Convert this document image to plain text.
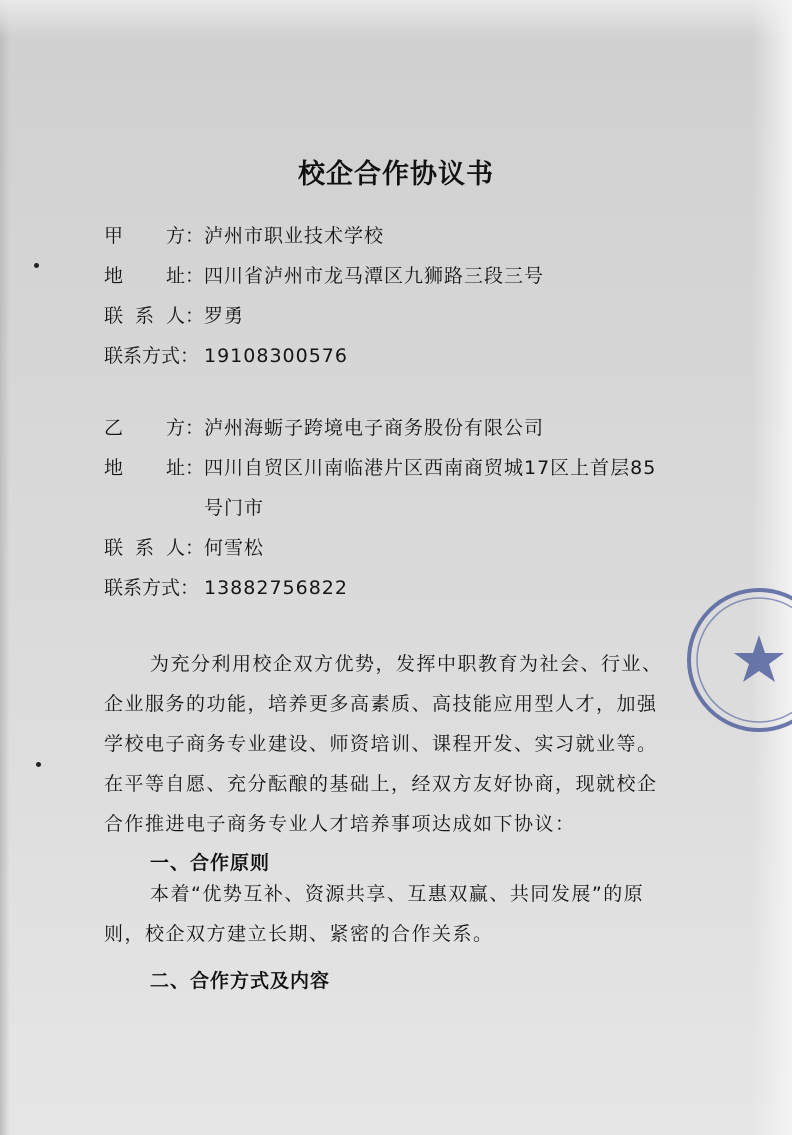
校企合作协议书
甲 方： 泸州市职业技术学校
地 址： 四川省泸州市龙马潭区九狮路三段三号
联 系 人： 罗勇
联系方式： 19108300576
乙 方： 泸州海蛎子跨境电子商务股份有限公司
地 址： 四川自贸区川南临港片区西南商贸城17区上首层85号门市
联 系 人： 何雪松
联系方式： 13882756822
为充分利用校企双方优势，发挥中职教育为社会、行业、企业服务的功能，培养更多高素质、高技能应用型人才，加强学校电子商务专业建设、师资培训、课程开发、实习就业等。在平等自愿、充分酝酿的基础上，经双方友好协商，现就校企合作推进电子商务专业人才培养事项达成如下协议：
一、合作原则
本着“优势互补、资源共享、互惠双赢、共同发展”的原则，校企双方建立长期、紧密的合作关系。
二、合作方式及内容
